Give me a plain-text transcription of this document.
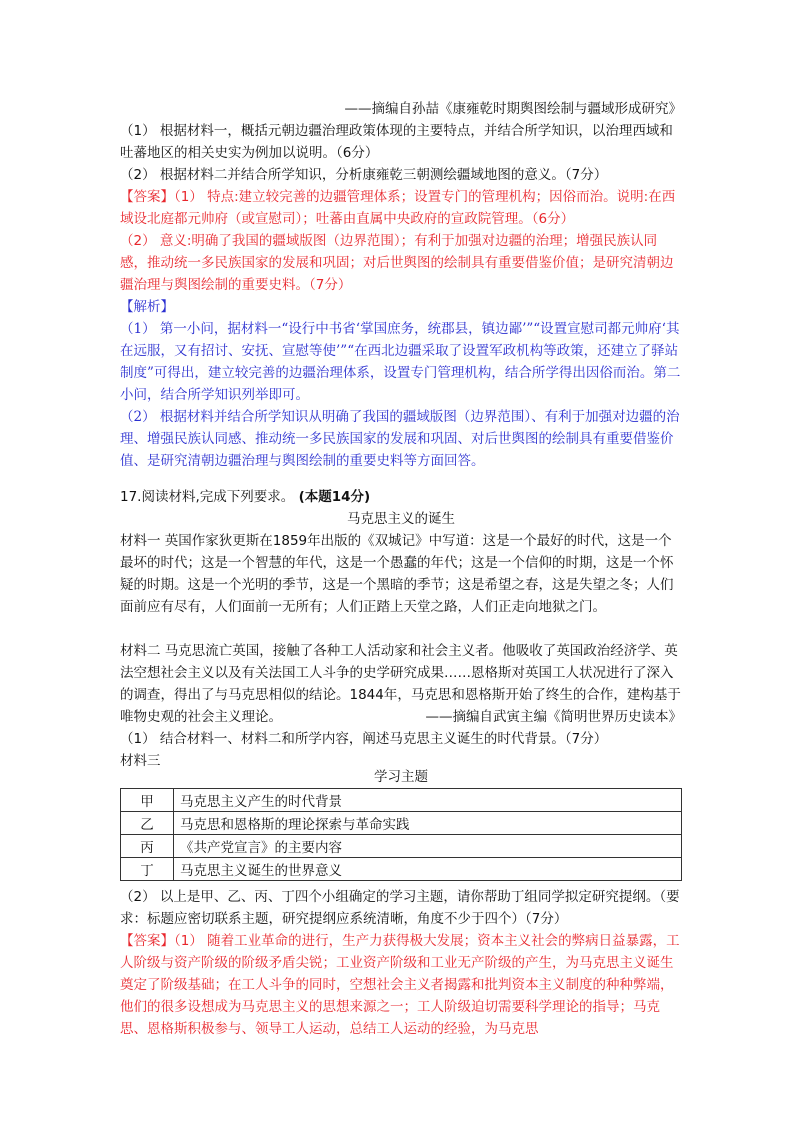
——摘编自孙喆《康雍乾时期舆图绘制与疆域形成研究》

（1） 根据材料一，概括元朝边疆治理政策体现的主要特点，并结合所学知识，以治理西域和吐蕃地区的相关史实为例加以说明。（6分）

（2） 根据材料二并结合所学知识，分析康雍乾三朝测绘疆域地图的意义。（7分）

【答案】（1） 特点:建立较完善的边疆管理体系；设置专门的管理机构；因俗而治。说明:在西域设北庭都元帅府（或宣慰司）；吐蕃由直属中央政府的宣政院管理。（6分）

（2） 意义:明确了我国的疆域版图（边界范围）；有利于加强对边疆的治理；增强民族认同感，推动统一多民族国家的发展和巩固；对后世舆图的绘制具有重要借鉴价值；是研究清朝边疆治理与舆图绘制的重要史料。（7分）

【解析】

（1） 第一小问，据材料一“设行中书省‘掌国庶务，统郡县，镇边鄙’”“设置宣慰司都元帅府‘其在远服，又有招讨、安抚、宣慰等使’”“在西北边疆采取了设置军政机构等政策，还建立了驿站制度”可得出，建立较完善的边疆治理体系，设置专门管理机构，结合所学得出因俗而治。第二小问，结合所学知识列举即可。

（2） 根据材料并结合所学知识从明确了我国的疆域版图（边界范围）、有利于加强对边疆的治理、增强民族认同感、推动统一多民族国家的发展和巩固、对后世舆图的绘制具有重要借鉴价值、是研究清朝边疆治理与舆图绘制的重要史料等方面回答。

17.阅读材料,完成下列要求。 (本题14分)

马克思主义的诞生

材料一 英国作家狄更斯在1859年出版的《双城记》中写道：这是一个最好的时代，这是一个最坏的时代；这是一个智慧的年代，这是一个愚蠢的年代；这是一个信仰的时期，这是一个怀疑的时期。这是一个光明的季节，这是一个黑暗的季节；这是希望之春，这是失望之冬；人们面前应有尽有，人们面前一无所有；人们正踏上天堂之路，人们正走向地狱之门。

材料二 马克思流亡英国，接触了各种工人活动家和社会主义者。他吸收了英国政治经济学、英法空想社会主义以及有关法国工人斗争的史学研究成果……恩格斯对英国工人状况进行了深入的调查，得出了与马克思相似的结论。1844年，马克思和恩格斯开始了终生的合作，建构基于唯物史观的社会主义理论。	——摘编自武寅主编《简明世界历史读本》

（1） 结合材料一、材料二和所学内容，阐述马克思主义诞生的时代背景。（7分）

材料三

学习主题

甲	马克思主义产生的时代背景
乙	马克思和恩格斯的理论探索与革命实践
丙	《共产党宣言》的主要内容
丁	马克思主义诞生的世界意义

（2） 以上是甲、乙、丙、丁四个小组确定的学习主题，请你帮助丁组同学拟定研究提纲。（要求：标题应密切联系主题，研究提纲应系统清晰，角度不少于四个）（7分）

【答案】（1） 随着工业革命的进行，生产力获得极大发展；资本主义社会的弊病日益暴露，工人阶级与资产阶级的阶级矛盾尖锐；工业资产阶级和工业无产阶级的产生，为马克思主义诞生奠定了阶级基础；在工人斗争的同时，空想社会主义者揭露和批判资本主义制度的种种弊端，他们的很多设想成为马克思主义的思想来源之一；工人阶级迫切需要科学理论的指导；马克思、恩格斯积极参与、领导工人运动，总结工人运动的经验，为马克思
